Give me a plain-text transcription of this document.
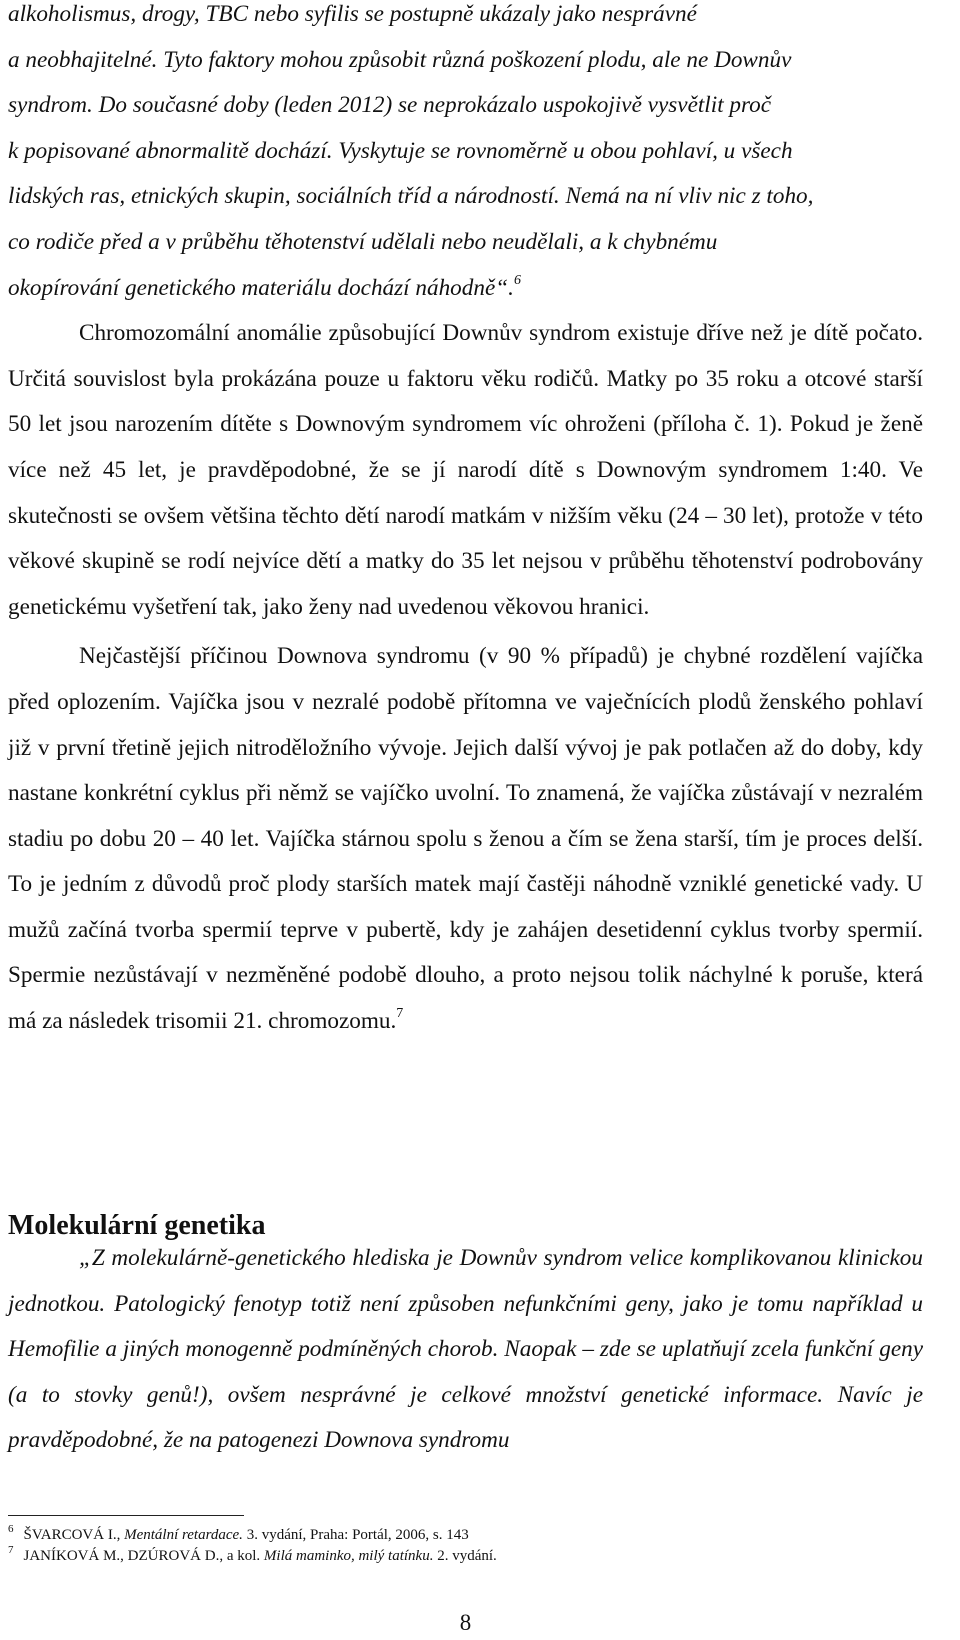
alkoholismus, drogy, TBC nebo syfilis se postupně ukázaly jako nesprávné

a neobhajitelné. Tyto faktory mohou způsobit různá poškození plodu, ale ne Downův

syndrom. Do současné doby (leden 2012) se neprokázalo uspokojivě vysvětlit proč

k popisované abnormalitě dochází. Vyskytuje se rovnoměrně u obou pohlaví, u všech

lidských ras, etnických skupin, sociálních tříd a národností. Nemá na ní vliv nic z toho,

co rodiče před a v průběhu těhotenství udělali nebo neudělali, a k chybnému

okopírování genetického materiálu dochází náhodně“.$^6$

Chromozomální anomálie způsobující Downův syndrom existuje dříve než je dítě počato. Určitá souvislost byla prokázána pouze u faktoru věku rodičů. Matky po 35 roku a otcové starší 50 let jsou narozením dítěte s Downovým syndromem víc ohroženi (příloha č. 1). Pokud je ženě více než 45 let, je pravděpodobné, že se jí narodí dítě s Downovým syndromem 1:40. Ve skutečnosti se ovšem většina těchto dětí narodí matkám v nižším věku (24 – 30 let), protože v této věkové skupině se rodí nejvíce dětí a matky do 35 let nejsou v průběhu těhotenství podrobovány genetickému vyšetření tak, jako ženy nad uvedenou věkovou hranici.

Nejčastější příčinou Downova syndromu (v 90 % případů) je chybné rozdělení vajíčka před oplozením. Vajíčka jsou v nezralé podobě přítomna ve vaječnících plodů ženského pohlaví již v první třetině jejich nitroděložního vývoje. Jejich další vývoj je pak potlačen až do doby, kdy nastane konkrétní cyklus při němž se vajíčko uvolní. To znamená, že vajíčka zůstávají v nezralém stadiu po dobu 20 – 40 let. Vajíčka stárnou spolu s ženou a čím se žena starší, tím je proces delší. To je jedním z důvodů proč plody starších matek mají častěji náhodně vzniklé genetické vady. U mužů začíná tvorba spermií teprve v pubertě, kdy je zahájen desetidenní cyklus tvorby spermií. Spermie nezůstávají v nezměněné podobě dlouho, a proto nejsou tolik náchylné k poruše, která má za následek trisomii 21. chromozomu.$^7$

Molekulární genetika

„Z molekulárně-genetického hlediska je Downův syndrom velice komplikovanou klinickou jednotkou. Patologický fenotyp totiž není způsoben nefunkčními geny, jako je tomu například u Hemofilie a jiných monogenně podmíněných chorob. Naopak – zde se uplatňují zcela funkční geny (a to stovky genů!), ovšem nesprávné je celkové množství genetické informace. Navíc je pravděpodobné, že na patogenezi Downova syndromu

$^6$ ŠVARCOVÁ I., Mentální retardace. 3. vydání, Praha: Portál, 2006, s. 143

$^7$ JANÍKOVÁ M., DZÚROVÁ D., a kol. Milá maminko, milý tatínku. 2. vydání.

8
